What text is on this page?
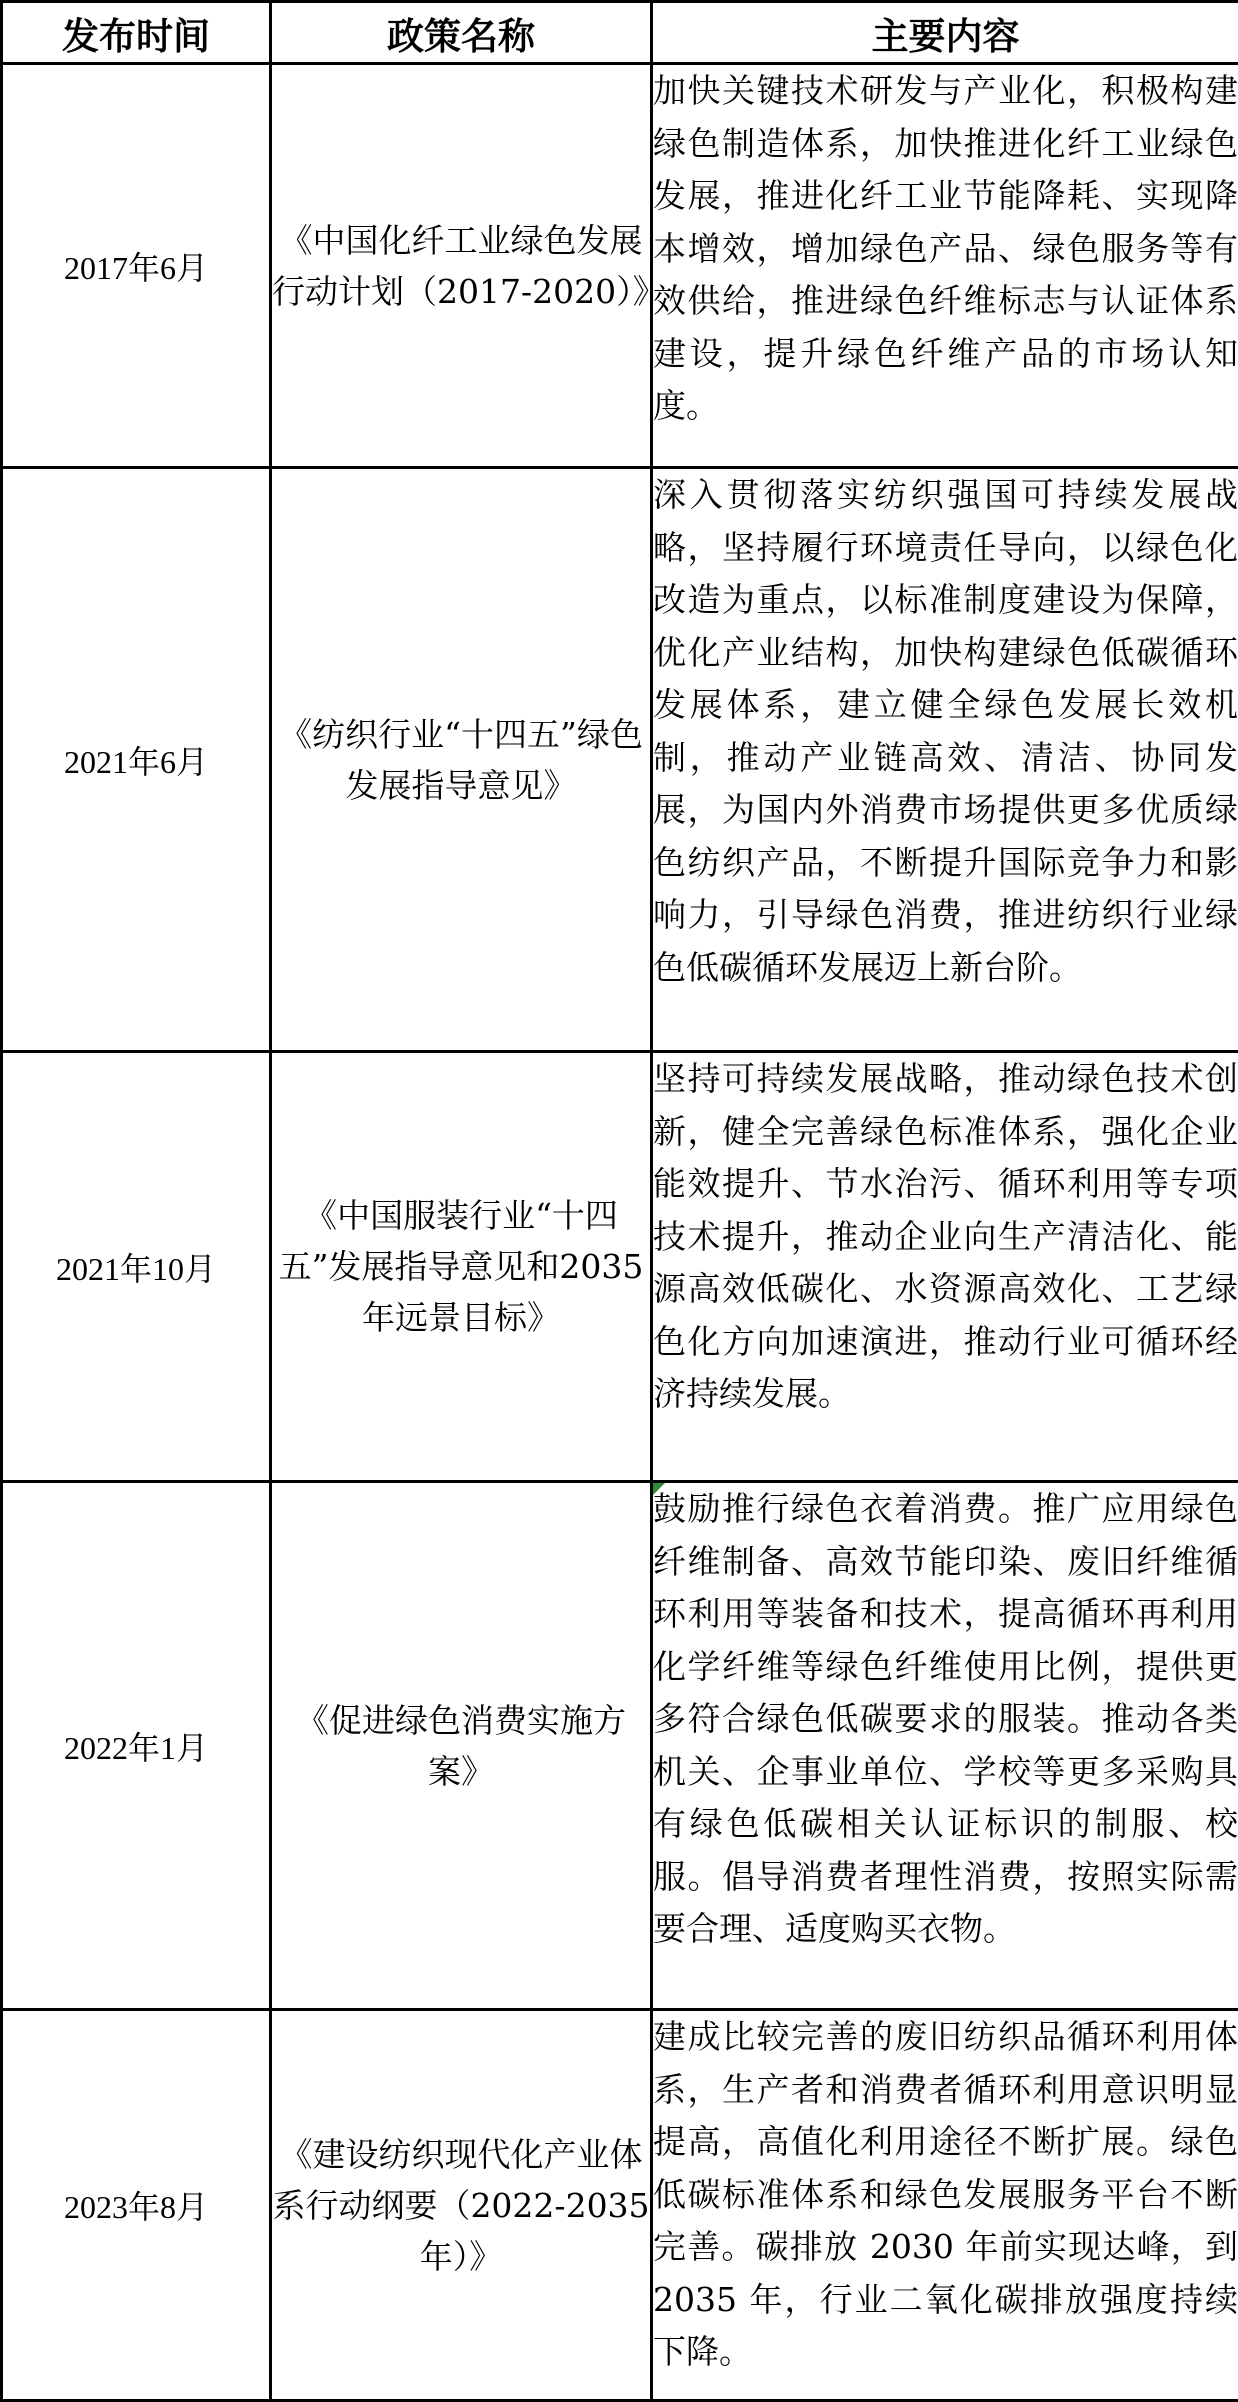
发布时间	政策名称	主要内容
2017年6月	《中国化纤工业绿色发展行动计划（2017-2020）》	加快关键技术研发与产业化，积极构建绿色制造体系，加快推进化纤工业绿色发展，推进化纤工业节能降耗、实现降本增效，增加绿色产品、绿色服务等有效供给，推进绿色纤维标志与认证体系建设，提升绿色纤维产品的市场认知度。
2021年6月	《纺织行业“十四五”绿色发展指导意见》	深入贯彻落实纺织强国可持续发展战略，坚持履行环境责任导向，以绿色化改造为重点，以标准制度建设为保障，优化产业结构，加快构建绿色低碳循环发展体系，建立健全绿色发展长效机制，推动产业链高效、清洁、协同发展，为国内外消费市场提供更多优质绿色纺织产品，不断提升国际竞争力和影响力，引导绿色消费，推进纺织行业绿色低碳循环发展迈上新台阶。
2021年10月	《中国服装行业“十四五”发展指导意见和2035年远景目标》	坚持可持续发展战略，推动绿色技术创新，健全完善绿色标准体系，强化企业能效提升、节水治污、循环利用等专项技术提升，推动企业向生产清洁化、能源高效低碳化、水资源高效化、工艺绿色化方向加速演进，推动行业可循环经济持续发展。
2022年1月	《促进绿色消费实施方案》	鼓励推行绿色衣着消费。推广应用绿色纤维制备、高效节能印染、废旧纤维循环利用等装备和技术，提高循环再利用化学纤维等绿色纤维使用比例，提供更多符合绿色低碳要求的服装。推动各类机关、企事业单位、学校等更多采购具有绿色低碳相关认证标识的制服、校服。倡导消费者理性消费，按照实际需要合理、适度购买衣物。
2023年8月	《建设纺织现代化产业体系行动纲要（2022-2035年）》	建成比较完善的废旧纺织品循环利用体系，生产者和消费者循环利用意识明显提高，高值化利用途径不断扩展。绿色低碳标准体系和绿色发展服务平台不断完善。碳排放 2030 年前实现达峰，到 2035 年，行业二氧化碳排放强度持续下降。
